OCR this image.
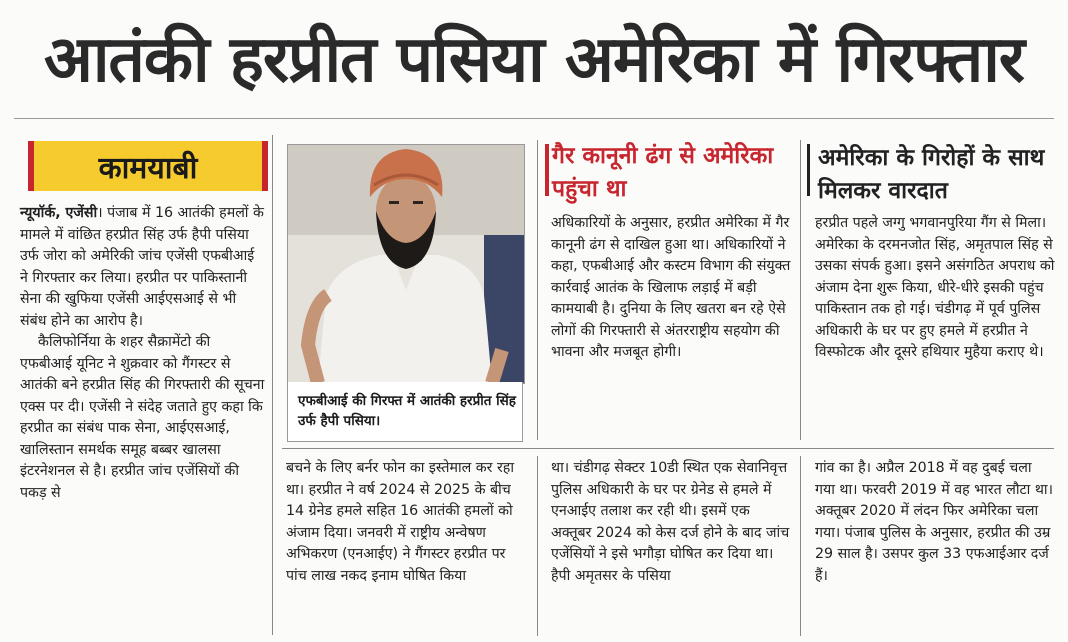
आतंकी हरप्रीत पसिया अमेरिका में गिरफ्तार
कामयाबी

न्यूयॉर्क, एजेंसी। पंजाब में 16 आतंकी हमलों के मामले में वांछित हरप्रीत सिंह उर्फ हैपी पसिया उर्फ जोरा को अमेरिकी जांच एजेंसी एफबीआई ने गिरफ्तार कर लिया। हरप्रीत पर पाकिस्तानी सेना की खुफिया एजेंसी आईएसआई से भी संबंध होने का आरोप है।

कैलिफोर्निया के शहर सैक्रामेंटो की एफबीआई यूनिट ने शुक्रवार को गैंगस्टर से आतंकी बने हरप्रीत सिंह की गिरफ्तारी की सूचना एक्स पर दी। एजेंसी ने संदेह जताते हुए कहा कि हरप्रीत का संबंध पाक सेना, आईएसआई, खालिस्तान समर्थक समूह बब्बर खालसा इंटरनेशनल से है। हरप्रीत जांच एजेंसियों की पकड़ से

एफबीआई की गिरफ्त में आतंकी हरप्रीत सिंह उर्फ हैपी पसिया।
गैर कानूनी ढंग से अमेरिका पहुंचा था
अधिकारियों के अनुसार, हरप्रीत अमेरिका में गैर कानूनी ढंग से दाखिल हुआ था। अधिकारियों ने कहा, एफबीआई और कस्टम विभाग की संयुक्त कार्रवाई आतंक के खिलाफ लड़ाई में बड़ी कामयाबी है। दुनिया के लिए खतरा बन रहे ऐसे लोगों की गिरफ्तारी से अंतरराष्ट्रीय सहयोग की भावना और मजबूत होगी।
अमेरिका के गिरोहों के साथ मिलकर वारदात
हरप्रीत पहले जग्गु भगवानपुरिया गैंग से मिला। अमेरिका के दरमनजोत सिंह, अमृतपाल सिंह से उसका संपर्क हुआ। इसने असंगठित अपराध को अंजाम देना शुरू किया, धीरे-धीरे इसकी पहुंच पाकिस्तान तक हो गई। चंडीगढ़ में पूर्व पुलिस अधिकारी के घर पर हुए हमले में हरप्रीत ने विस्फोटक और दूसरे हथियार मुहैया कराए थे।
बचने के लिए बर्नर फोन का इस्तेमाल कर रहा था। हरप्रीत ने वर्ष 2024 से 2025 के बीच 14 ग्रेनेड हमले सहित 16 आतंकी हमलों को अंजाम दिया। जनवरी में राष्ट्रीय अन्वेषण अभिकरण (एनआईए) ने गैंगस्टर हरप्रीत पर पांच लाख नकद इनाम घोषित किया
था। चंडीगढ़ सेक्टर 10डी स्थित एक सेवानिवृत्त पुलिस अधिकारी के घर पर ग्रेनेड से हमले में एनआईए तलाश कर रही थी। इसमें एक अक्तूबर 2024 को केस दर्ज होने के बाद जांच एजेंसियों ने इसे भगौड़ा घोषित कर दिया था। हैपी अमृतसर के पसिया
गांव का है। अप्रैल 2018 में वह दुबई चला गया था। फरवरी 2019 में वह भारत लौटा था। अक्तूबर 2020 में लंदन फिर अमेरिका चला गया। पंजाब पुलिस के अनुसार, हरप्रीत की उम्र 29 साल है। उसपर कुल 33 एफआईआर दर्ज हैं।
